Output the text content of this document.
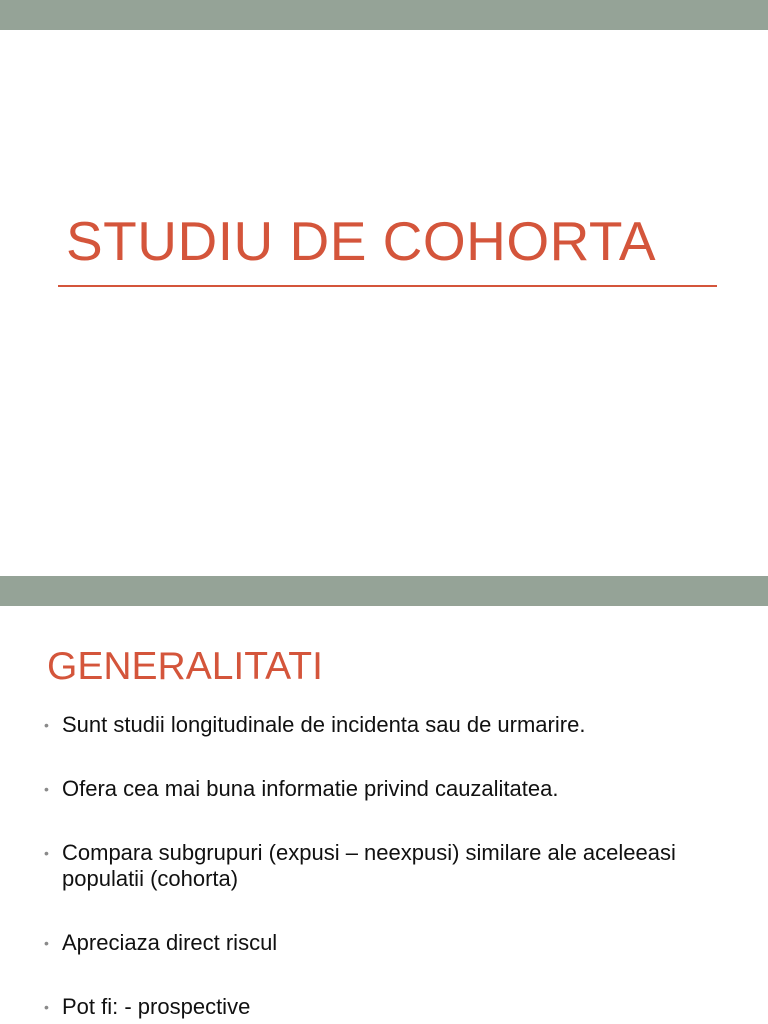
STUDIU DE COHORTA
GENERALITATI
• Sunt studii longitudinale de incidenta sau de urmarire.
• Ofera cea mai buna informatie privind cauzalitatea.
• Compara subgrupuri (expusi – neexpusi) similare ale aceleeasi populatii (cohorta)
• Apreciaza direct riscul
• Pot fi: - prospective
